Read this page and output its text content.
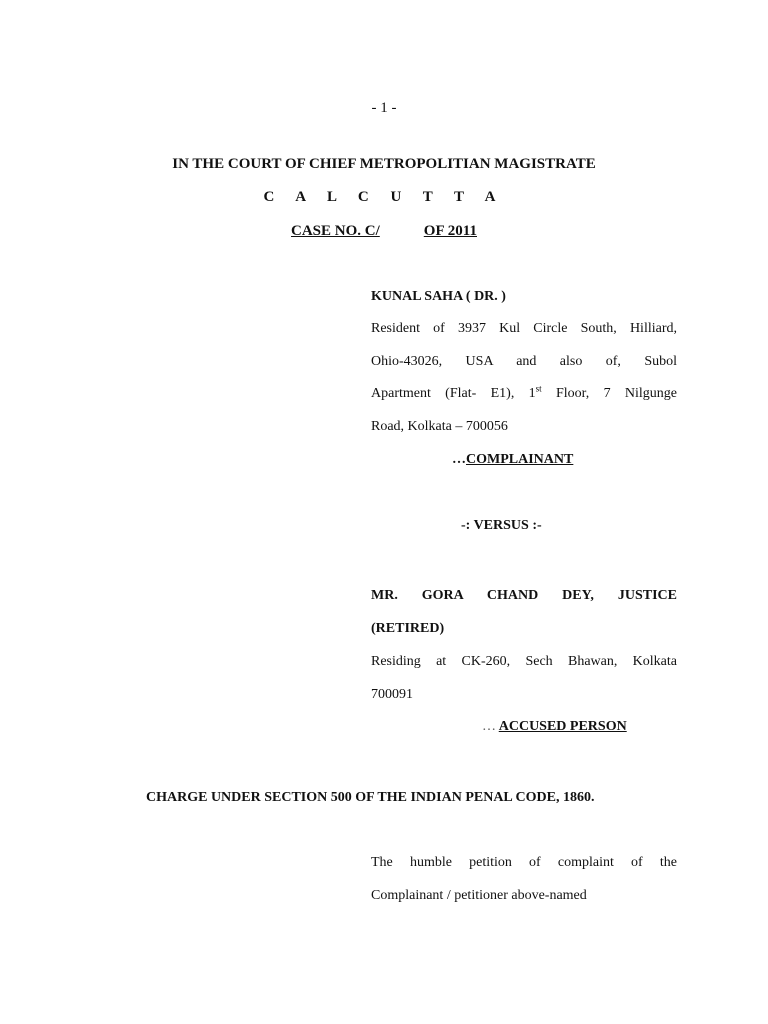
- 1 -
IN THE COURT OF CHIEF METROPOLITIAN MAGISTRATE
C A L C U T T A
CASE NO. C/	OF 2011
KUNAL SAHA ( DR. )
Resident of 3937 Kul Circle South, Hilliard,
Ohio-43026, USA and also of, Subol
Apartment (Flat- E1), 1st Floor, 7 Nilgunge
Road, Kolkata – 700056
…COMPLAINANT
-: VERSUS :-
MR. GORA CHAND DEY, JUSTICE
(RETIRED)
Residing at CK-260, Sech Bhawan, Kolkata
700091
… ACCUSED PERSON
CHARGE UNDER SECTION 500 OF THE INDIAN PENAL CODE, 1860.
The humble petition of complaint of the
Complainant / petitioner above-named
